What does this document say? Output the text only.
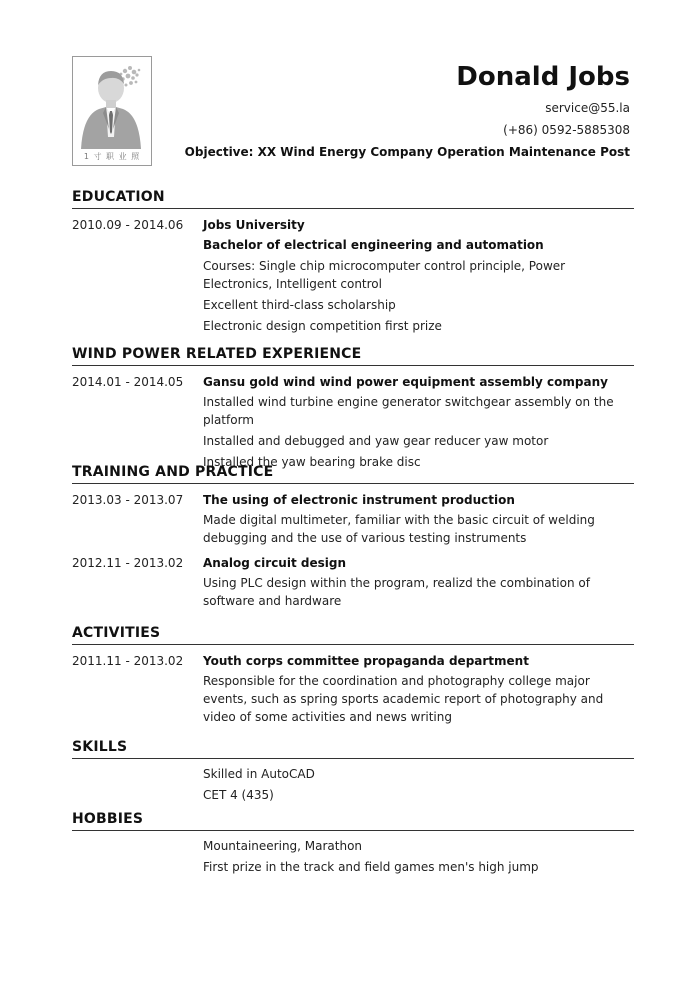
1 寸 职 业 照
Donald Jobs
service@55.la
(+86) 0592-5885308
Objective: XX Wind Energy Company Operation Maintenance Post
EDUCATION
2010.09 - 2014.06	Jobs University
Bachelor of electrical engineering and automation
Courses: Single chip microcomputer control principle, Power Electronics, Intelligent control
Excellent third-class scholarship
Electronic design competition first prize
WIND POWER RELATED EXPERIENCE
2014.01 - 2014.05	Gansu gold wind wind power equipment assembly company
Installed wind turbine engine generator switchgear assembly on the platform
Installed and debugged and yaw gear reducer yaw motor
Installed the yaw bearing brake disc
TRAINING AND PRACTICE
2013.03 - 2013.07	The using of electronic instrument production
Made digital multimeter, familiar with the basic circuit of welding debugging and the use of various testing instruments
2012.11 - 2013.02	Analog circuit design
Using PLC design within the program, realizd the combination of software and hardware
ACTIVITIES
2011.11 - 2013.02	Youth corps committee propaganda department
Responsible for the coordination and photography college major events, such as spring sports academic report of photography and video of some activities and news writing
SKILLS
Skilled in AutoCAD
CET 4 (435)
HOBBIES
Mountaineering, Marathon
First prize in the track and field games men's high jump
